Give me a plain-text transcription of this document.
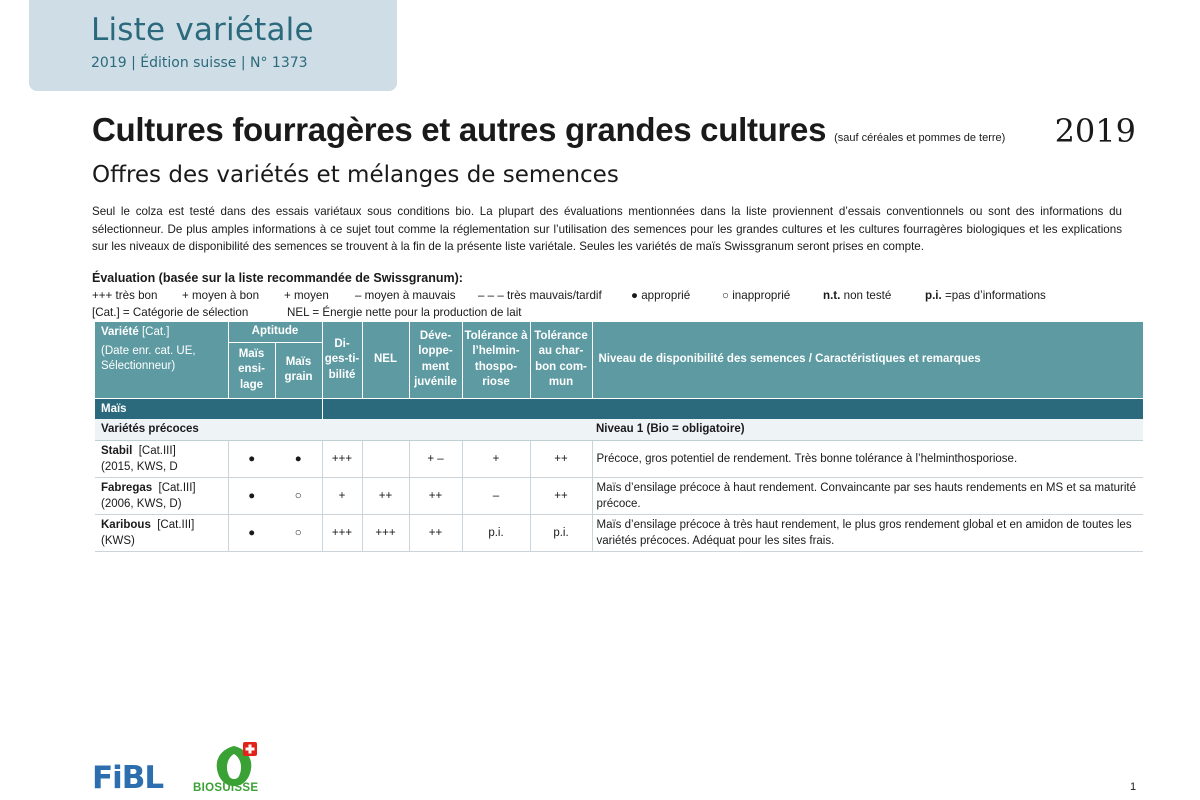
Liste variétale
2019 | Édition suisse | N° 1373
Cultures fourragères et autres grandes cultures (sauf céréales et pommes de terre) 2019
Offres des variétés et mélanges de semences
Seul le colza est testé dans des essais variétaux sous conditions bio. La plupart des évaluations mentionnées dans la liste proviennent d’essais conventionnels ou sont des informations du sélectionneur. De plus amples informations à ce sujet tout comme la réglementation sur l’utilisation des semences pour les grandes cultures et les cultures fourragères biologiques et les explications sur les niveaux de disponibilité des semences se trouvent à la fin de la présente liste variétale. Seules les variétés de maïs Swissgranum seront prises en compte.
Évaluation (basée sur la liste recommandée de Swissgranum):
+++ très bon + moyen à bon + moyen – moyen à mauvais – – – très mauvais/tardif	● approprié	○ inapproprié	n.t. non testé	p.i. =pas d’informations
[Cat.] = Catégorie de sélection	NEL = Énergie nette pour la production de lait
Variété [Cat.]

(Date enr. cat. UE, Sélectionneur)	Aptitude		Di- ges-ti- bilité	NEL	Déve- loppe- ment juvénile	Tolérance à l’helmin- thospo- riose	Tolérance au char- bon com- mun	Niveau de disponibilité des semences / Caractéristiques et remarques
	Maïs ensi- lage	Maïs grain						
Maïs								
Variétés précoces								Niveau 1 (Bio = obligatoire)
Stabil [Cat.III]
(2015, KWS, D	●	●	+++		+ –	+	++	Précoce, gros potentiel de rendement. Très bonne tolérance à l’helminthosporiose.
Fabregas [Cat.III]
(2006, KWS, D)	●	○	+	++	++	–	++	Maïs d’ensilage précoce à haut rendement. Convaincante par ses hauts rendements en MS et sa maturité précoce.
Karibous [Cat.III]
(KWS)	●	○	+++	+++	++	p.i.	p.i.	Maïs d’ensilage précoce à très haut rendement, le plus gros rendement global et en amidon de toutes les variétés précoces. Adéquat pour les sites frais.
FiBL	BIOSUISSE	1
